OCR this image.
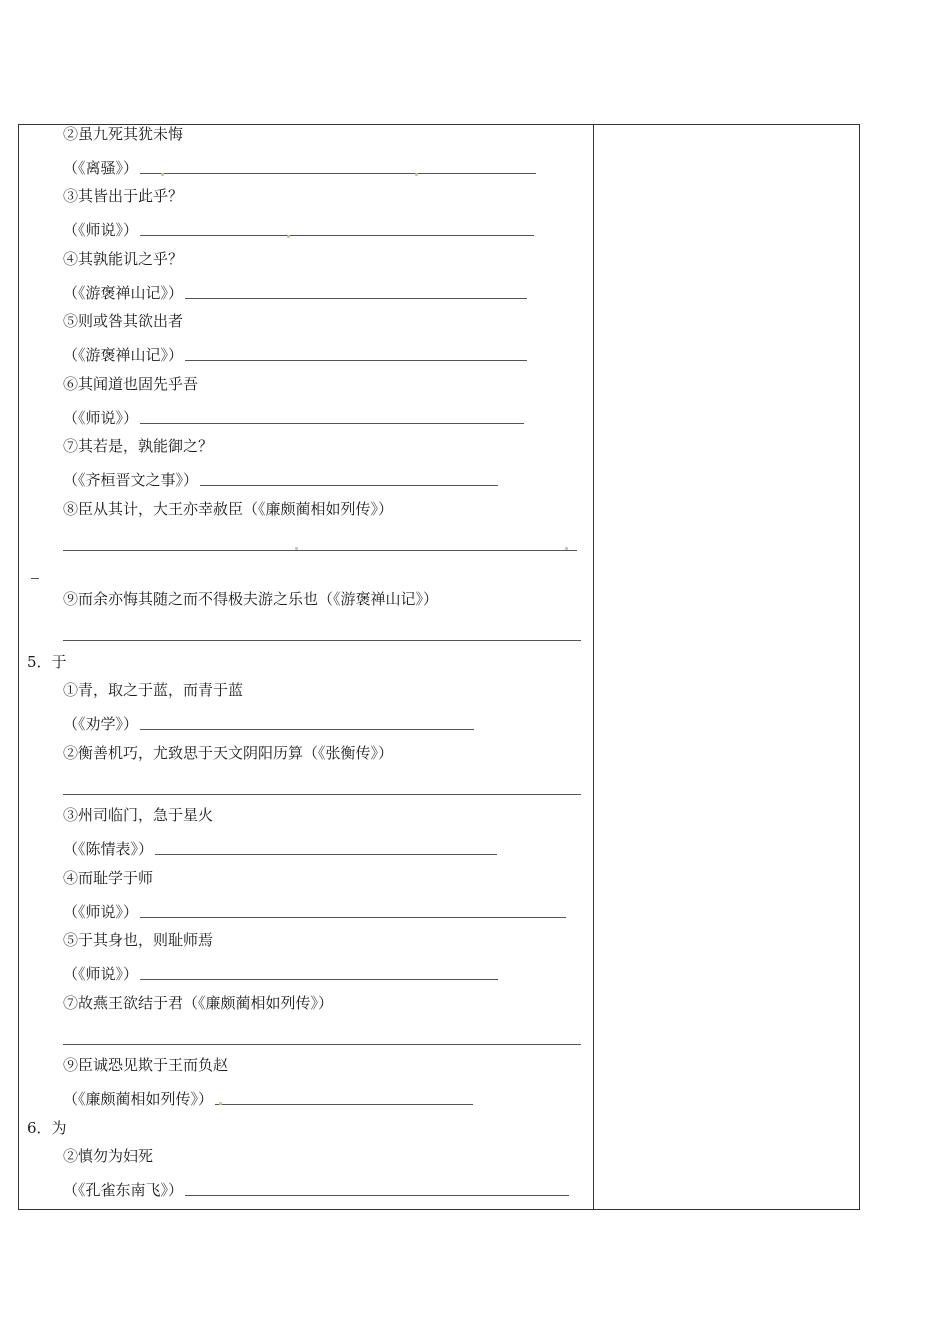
②虽九死其犹未悔
（《离骚》）
③其皆出于此乎？
（《师说》）
④其孰能讥之乎？
（《游褒禅山记》）
⑤则或咎其欲出者
（《游褒禅山记》）
⑥其闻道也固先乎吾
（《师说》）
⑦其若是，孰能御之？
（《齐桓晋文之事》）
⑧臣从其计，大王亦幸赦臣（《廉颇蔺相如列传》）
⑨而余亦悔其随之而不得极夫游之乐也（《游褒禅山记》）
5．于
①青，取之于蓝，而青于蓝
（《劝学》）
②衡善机巧，尤致思于天文阴阳历算（《张衡传》）
③州司临门，急于星火
（《陈情表》）
④而耻学于师
（《师说》）
⑤于其身也，则耻师焉
（《师说》）
⑦故燕王欲结于君（《廉颇蔺相如列传》）
⑨臣诚恐见欺于王而负赵
（《廉颇蔺相如列传》）
6．为
②慎勿为妇死
（《孔雀东南飞》）
